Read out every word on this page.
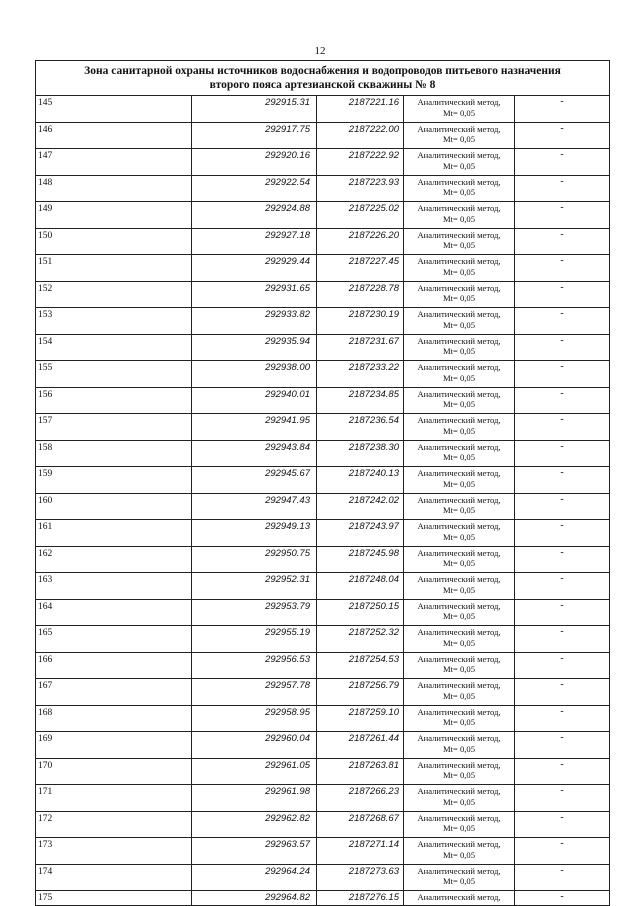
12
Зона санитарной охраны источников водоснабжения и водопроводов питьевого назначения
второго пояса артезианской скважины № 8
145	292915.31	2187221.16	Аналитический метод,
Mt= 0,05	-
146	292917.75	2187222.00	Аналитический метод,
Mt= 0,05	-
147	292920.16	2187222.92	Аналитический метод,
Mt= 0,05	-
148	292922.54	2187223.93	Аналитический метод,
Mt= 0,05	-
149	292924.88	2187225.02	Аналитический метод,
Mt= 0,05	-
150	292927.18	2187226.20	Аналитический метод,
Mt= 0,05	-
151	292929.44	2187227.45	Аналитический метод,
Mt= 0,05	-
152	292931.65	2187228.78	Аналитический метод,
Mt= 0,05	-
153	292933.82	2187230.19	Аналитический метод,
Mt= 0,05	-
154	292935.94	2187231.67	Аналитический метод,
Mt= 0,05	-
155	292938.00	2187233.22	Аналитический метод,
Mt= 0,05	-
156	292940.01	2187234.85	Аналитический метод,
Mt= 0,05	-
157	292941.95	2187236.54	Аналитический метод,
Mt= 0,05	-
158	292943.84	2187238.30	Аналитический метод,
Mt= 0,05	-
159	292945.67	2187240.13	Аналитический метод,
Mt= 0,05	-
160	292947.43	2187242.02	Аналитический метод,
Mt= 0,05	-
161	292949.13	2187243.97	Аналитический метод,
Mt= 0,05	-
162	292950.75	2187245.98	Аналитический метод,
Mt= 0,05	-
163	292952.31	2187248.04	Аналитический метод,
Mt= 0,05	-
164	292953.79	2187250.15	Аналитический метод,
Mt= 0,05	-
165	292955.19	2187252.32	Аналитический метод,
Mt= 0,05	-
166	292956.53	2187254.53	Аналитический метод,
Mt= 0,05	-
167	292957.78	2187256.79	Аналитический метод,
Mt= 0,05	-
168	292958.95	2187259.10	Аналитический метод,
Mt= 0,05	-
169	292960.04	2187261.44	Аналитический метод,
Mt= 0,05	-
170	292961.05	2187263.81	Аналитический метод,
Mt= 0,05	-
171	292961.98	2187266.23	Аналитический метод,
Mt= 0,05	-
172	292962.82	2187268.67	Аналитический метод,
Mt= 0,05	-
173	292963.57	2187271.14	Аналитический метод,
Mt= 0,05	-
174	292964.24	2187273.63	Аналитический метод,
Mt= 0,05	-
175	292964.82	2187276.15	Аналитический метод,	-
